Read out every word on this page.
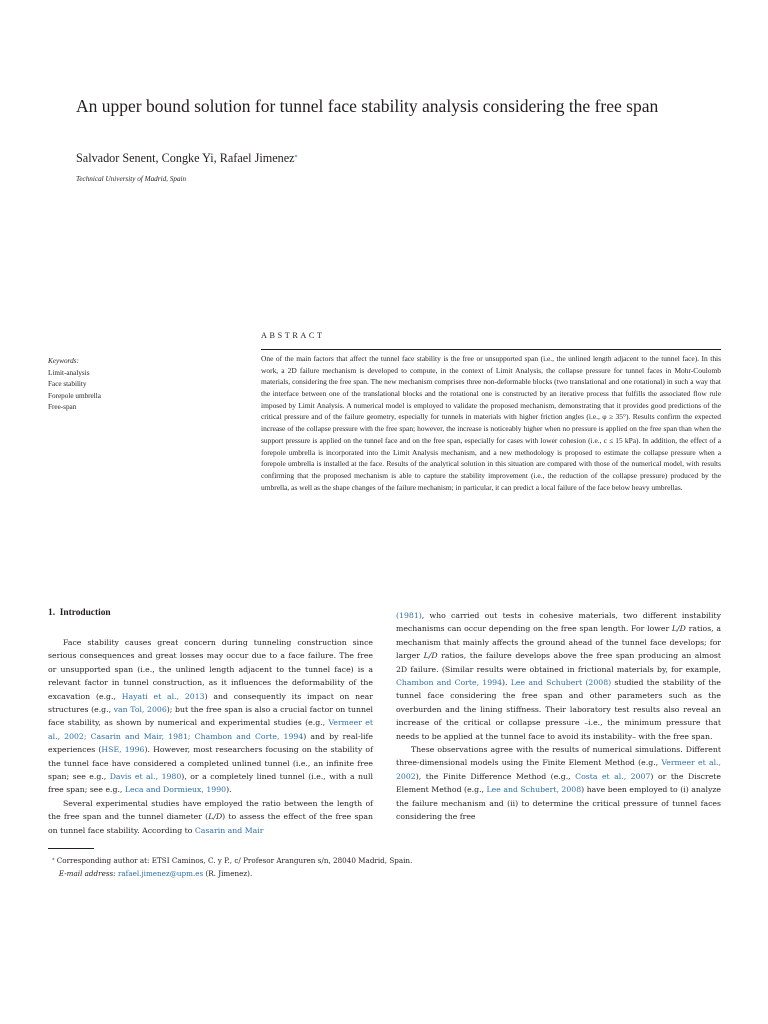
An upper bound solution for tunnel face stability analysis considering the free span
Salvador Senent, Congke Yi, Rafael Jimenez⁎
Technical University of Madrid, Spain
ABSTRACT
Keywords:
Limit-analysis
Face stability
Forepole umbrella
Free-span

One of the main factors that affect the tunnel face stability is the free or unsupported span (i.e., the unlined length adjacent to the tunnel face). In this work, a 2D failure mechanism is developed to compute, in the context of Limit Analysis, the collapse pressure for tunnel faces in Mohr-Coulomb materials, considering the free span. The new mechanism comprises three non-deformable blocks (two translational and one rotational) in such a way that the interface between one of the translational blocks and the rotational one is constructed by an iterative process that fulfills the associated flow rule imposed by Limit Analysis. A numerical model is employed to validate the proposed mechanism, demonstrating that it provides good predictions of the critical pressure and of the failure geometry, especially for tunnels in materials with higher friction angles (i.e., φ ≥ 35°). Results confirm the expected increase of the collapse pressure with the free span; however, the increase is noticeably higher when no pressure is applied on the free span than when the support pressure is applied on the tunnel face and on the free span, especially for cases with lower cohesion (i.e., c ≤ 15 kPa). In addition, the effect of a forepole umbrella is incorporated into the Limit Analysis mechanism, and a new methodology is proposed to estimate the collapse pressure when a forepole umbrella is installed at the face. Results of the analytical solution in this situation are compared with those of the numerical model, with results confirming that the proposed mechanism is able to capture the stability improvement (i.e., the reduction of the collapse pressure) produced by the umbrella, as well as the shape changes of the failure mechanism; in particular, it can predict a local failure of the face below heavy umbrellas.

1. Introduction

Face stability causes great concern during tunneling construction since serious consequences and great losses may occur due to a face failure. The free or unsupported span (i.e., the unlined length adjacent to the tunnel face) is a relevant factor in tunnel construction, as it influences the deformability of the excavation (e.g., Hayati et al., 2013) and consequently its impact on near structures (e.g., van Tol, 2006); but the free span is also a crucial factor on tunnel face stability, as shown by numerical and experimental studies (e.g., Vermeer et al., 2002; Casarin and Mair, 1981; Chambon and Corte, 1994) and by real-life experiences (HSE, 1996). However, most researchers focusing on the stability of the tunnel face have considered a completed unlined tunnel (i.e., an infinite free span; see e.g., Davis et al., 1980), or a completely lined tunnel (i.e., with a null free span; see e.g., Leca and Dormieux, 1990).

Several experimental studies have employed the ratio between the length of the free span and the tunnel diameter (L/D) to assess the effect of the free span on tunnel face stability. According to Casarin and Mair

(1981), who carried out tests in cohesive materials, two different instability mechanisms can occur depending on the free span length. For lower L/D ratios, a mechanism that mainly affects the ground ahead of the tunnel face develops; for larger L/D ratios, the failure develops above the free span producing an almost 2D failure. (Similar results were obtained in frictional materials by, for example, Chambon and Corte, 1994). Lee and Schubert (2008) studied the stability of the tunnel face considering the free span and other parameters such as the overburden and the lining stiffness. Their laboratory test results also reveal an increase of the critical or collapse pressure –i.e., the minimum pressure that needs to be applied at the tunnel face to avoid its instability– with the free span.

These observations agree with the results of numerical simulations. Different three-dimensional models using the Finite Element Method (e.g., Vermeer et al., 2002), the Finite Difference Method (e.g., Costa et al., 2007) or the Discrete Element Method (e.g., Lee and Schubert, 2008) have been employed to (i) analyze the failure mechanism and (ii) to determine the critical pressure of tunnel faces considering the free

⁎ Corresponding author at: ETSI Caminos, C. y P., c/ Profesor Aranguren s/n, 28040 Madrid, Spain.
E-mail address: rafael.jimenez@upm.es (R. Jimenez).
